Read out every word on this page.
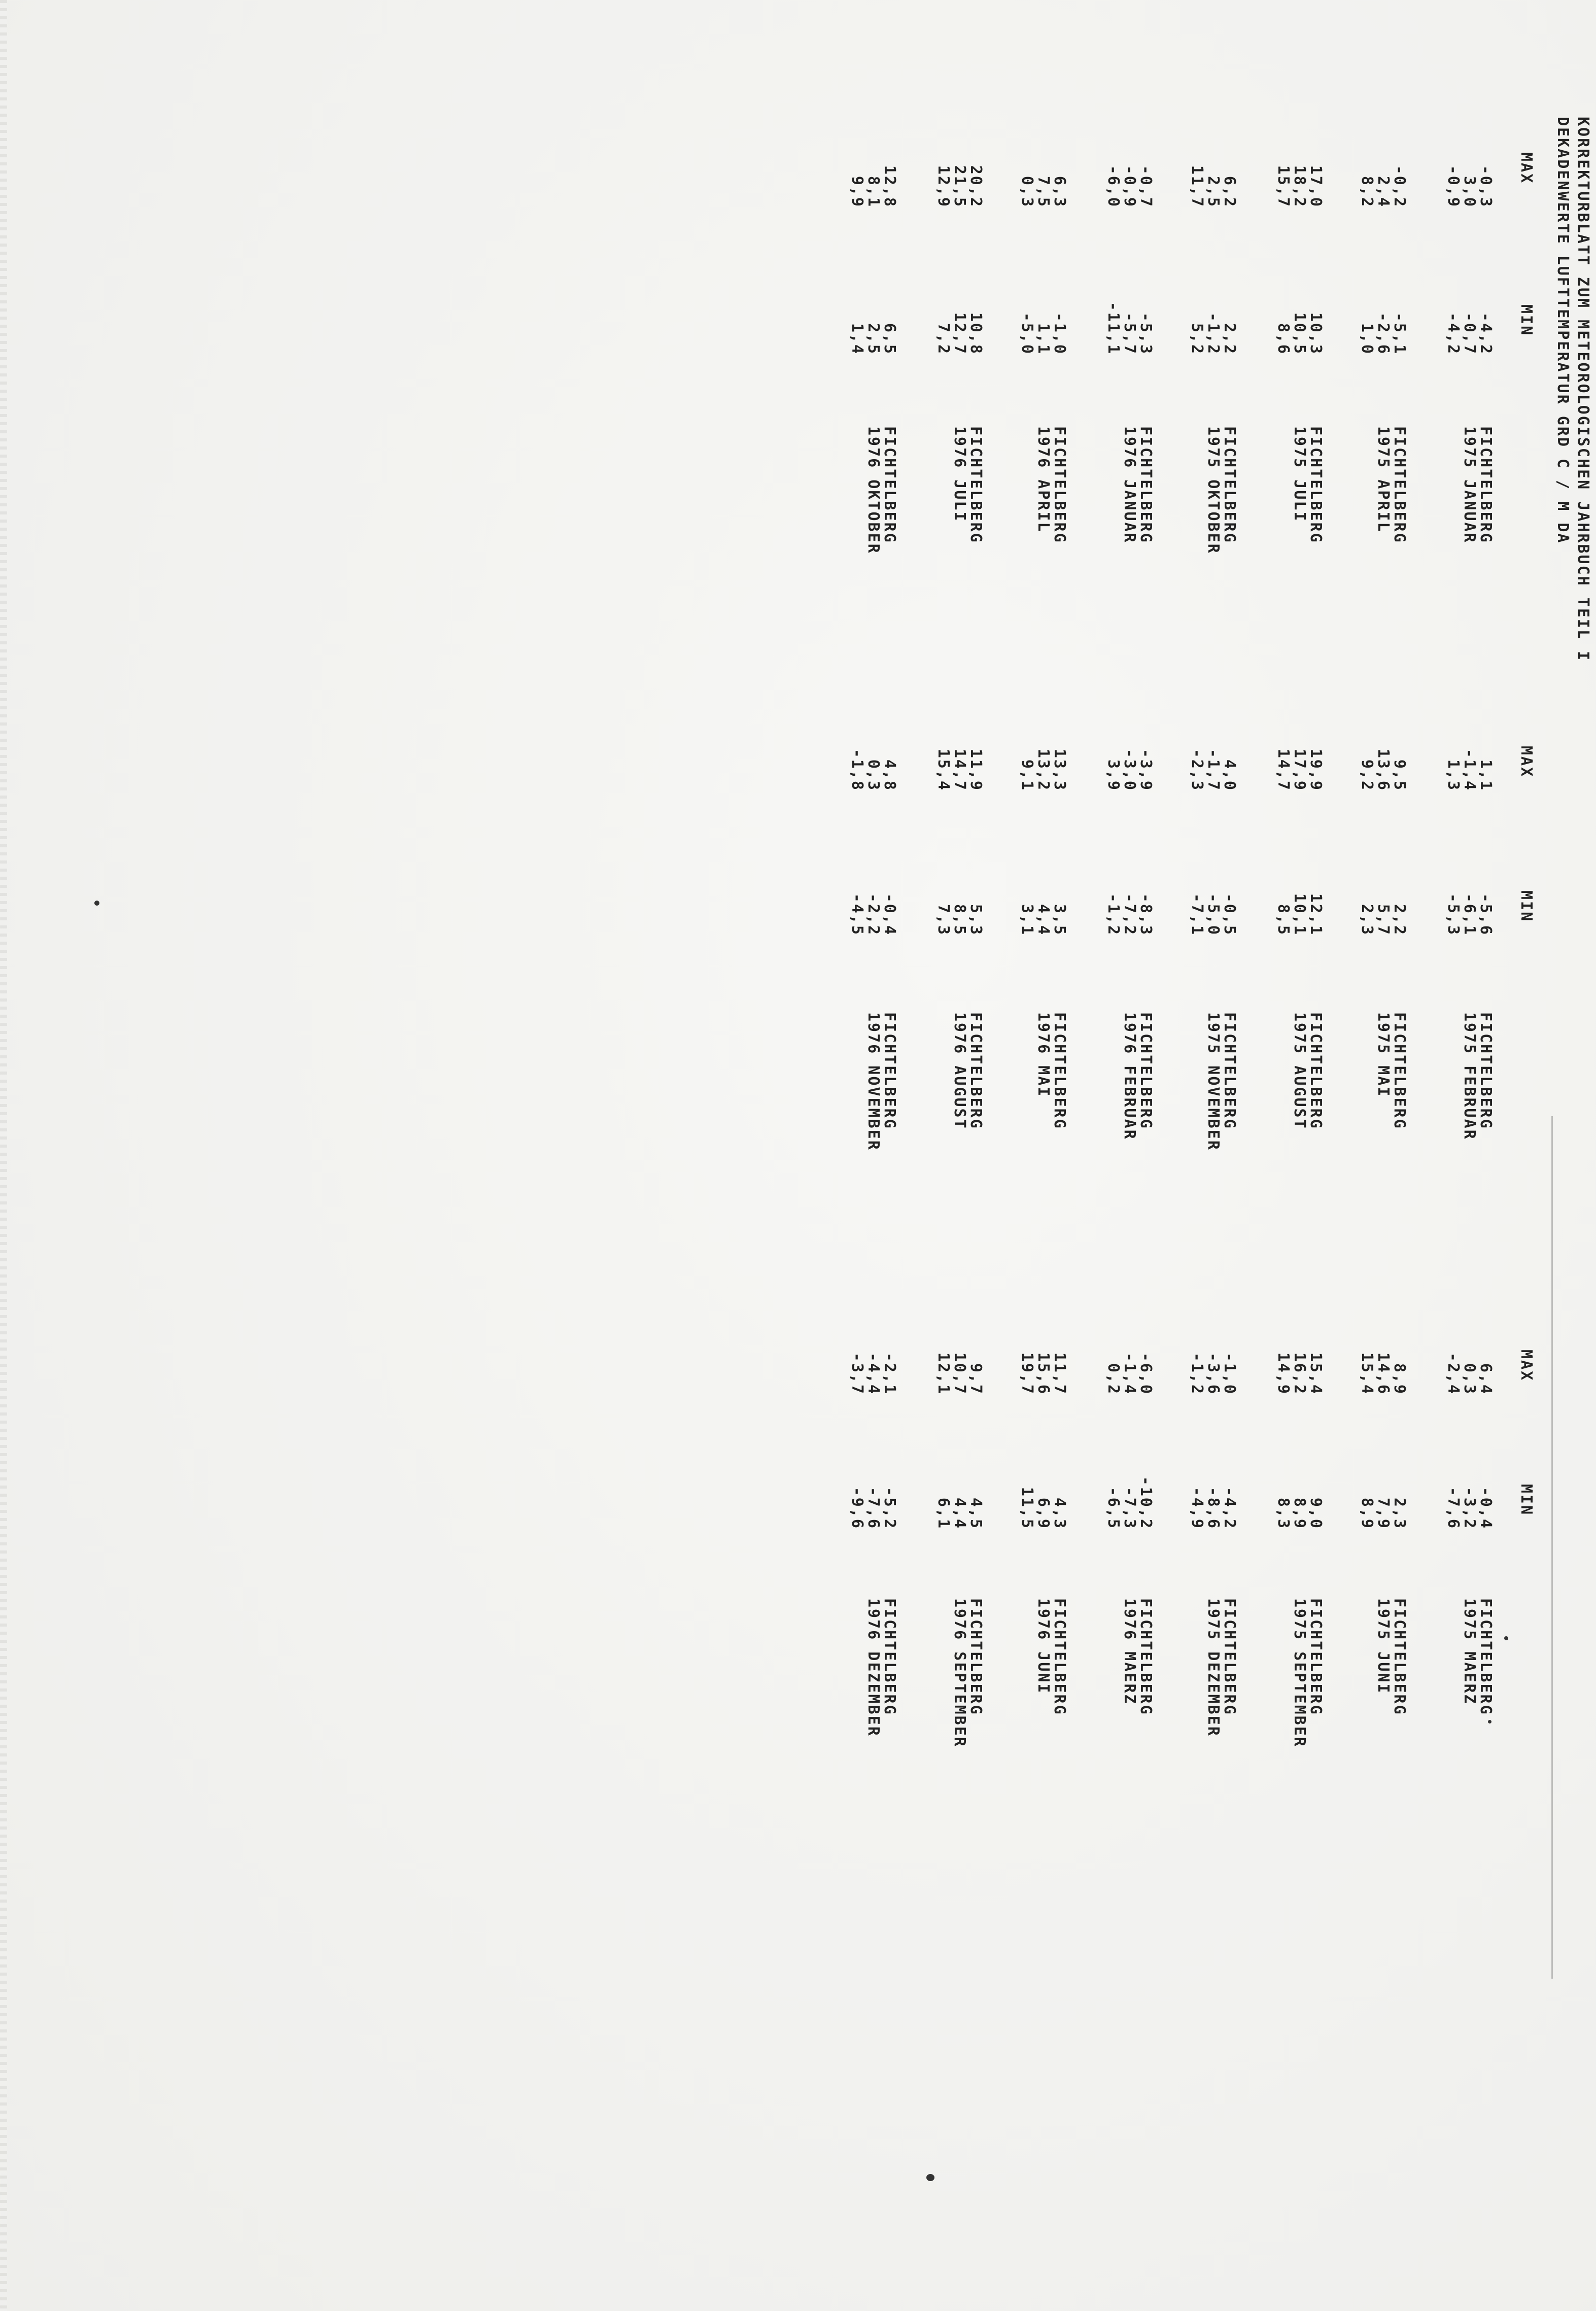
KORREKTURBLATT ZUM METEOROLOGISCHEN JAHRBUCH TEIL I
DEKADENWERTE LUFTTEMPERATUR GRD C / M DA
MAX
MIN
MAX
MIN
MAX
MIN
-0,3
-4,2
FICHTELBERG
1,1
-5,6
FICHTELBERG
6,4
-0,4
FICHTELBERG
3,0
-0,7
1975 JANUAR
-1,4
-6,1
1975 FEBRUAR
0,3
-3,2
1975 MAERZ
-0,9
-4,2
1,3
-5,3
-2,4
-7,6
-0,2
-5,1
FICHTELBERG
9,5
2,2
FICHTELBERG
8,9
2,3
FICHTELBERG
2,4
-2,6
1975 APRIL
13,6
5,7
1975 MAI
14,6
7,9
1975 JUNI
8,2
1,0
9,2
2,3
15,4
8,9
17,0
10,3
FICHTELBERG
19,9
12,1
FICHTELBERG
15,4
9,0
FICHTELBERG
18,2
10,5
1975 JULI
17,9
10,1
1975 AUGUST
16,2
8,9
1975 SEPTEMBER
15,7
8,6
14,7
8,5
14,9
8,3
6,2
2,2
FICHTELBERG
4,0
-0,5
FICHTELBERG
-1,0
-4,2
FICHTELBERG
2,5
-1,2
1975 OKTOBER
-1,7
-5,0
1975 NOVEMBER
-3,6
-8,6
1975 DEZEMBER
11,7
5,2
-2,3
-7,1
-1,2
-4,9
-0,7
-5,3
FICHTELBERG
-3,9
-8,3
FICHTELBERG
-6,0
-10,2
FICHTELBERG
-0,9
-5,7
1976 JANUAR
-3,0
-7,2
1976 FEBRUAR
-1,4
-7,3
1976 MAERZ
-6,0
-11,1
3,9
-1,2
0,2
-6,5
6,3
-1,0
FICHTELBERG
13,3
3,5
FICHTELBERG
11,7
4,3
FICHTELBERG
7,5
1,1
1976 APRIL
13,2
4,4
1976 MAI
15,6
6,9
1976 JUNI
0,3
-5,0
9,1
3,1
19,7
11,5
20,2
10,8
FICHTELBERG
11,9
5,3
FICHTELBERG
9,7
4,5
FICHTELBERG
21,5
12,7
1976 JULI
14,7
8,5
1976 AUGUST
10,7
4,4
1976 SEPTEMBER
12,9
7,2
15,4
7,3
12,1
6,1
12,8
6,5
FICHTELBERG
4,8
-0,4
FICHTELBERG
-2,1
-5,2
FICHTELBERG
8,1
2,5
1976 OKTOBER
0,3
-2,2
1976 NOVEMBER
-4,4
-7,6
1976 DEZEMBER
9,9
1,4
-1,8
-4,5
-3,7
-9,6
